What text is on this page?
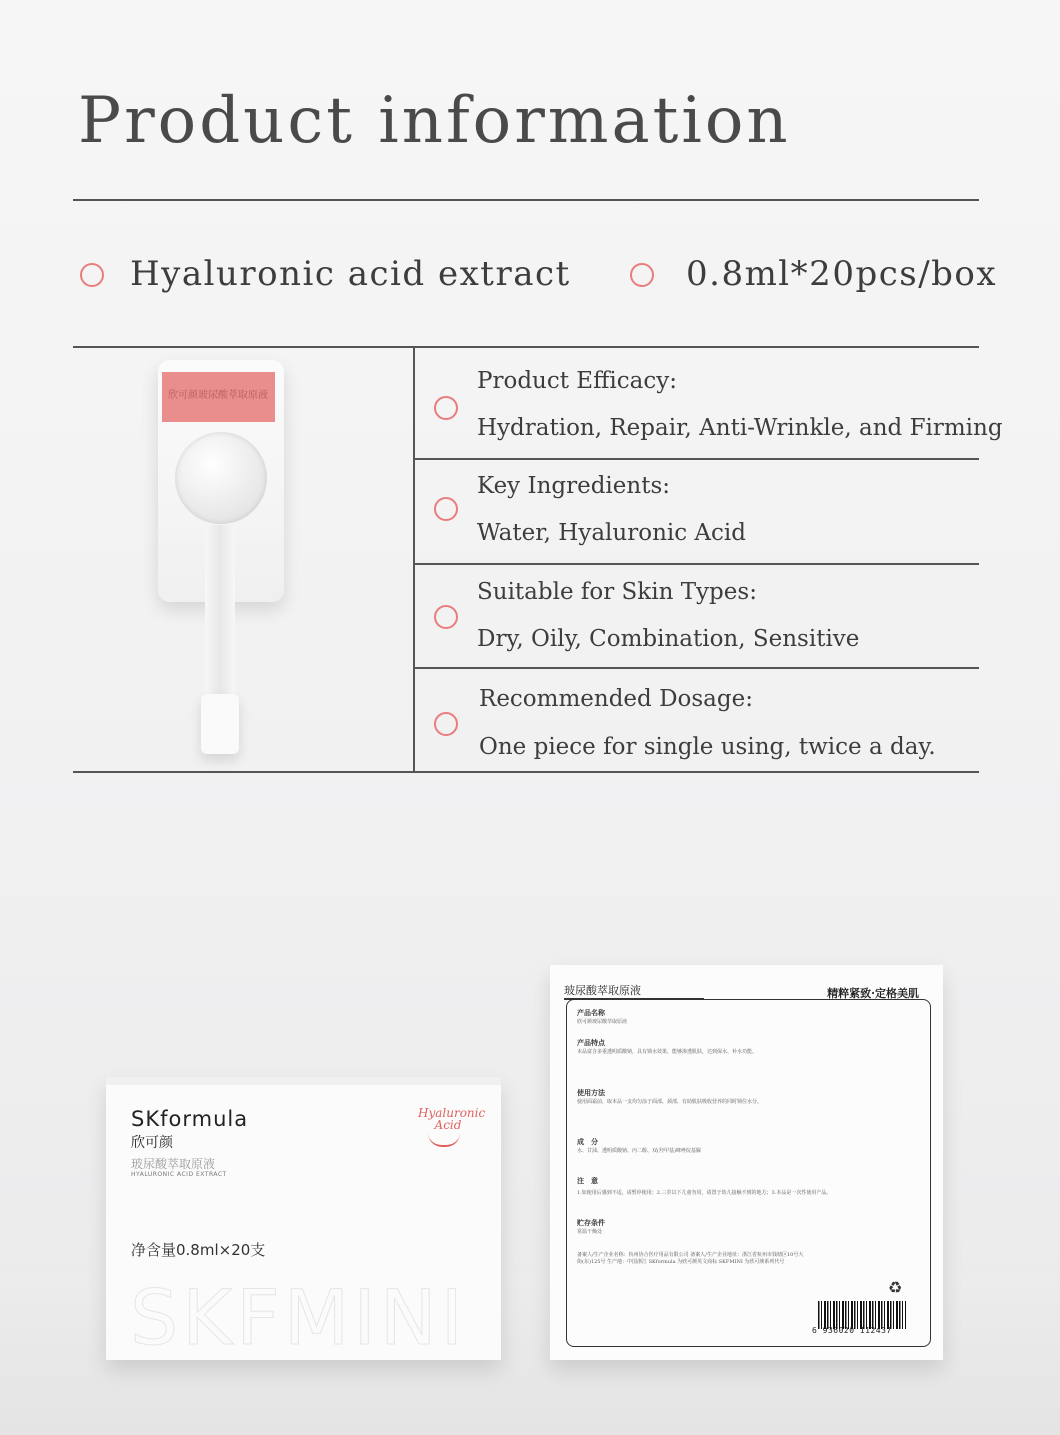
Product information
Hyaluronic acid extract	0.8ml*20pcs/box
欣可颜玻尿酸萃取原液
Product Efficacy:
Hydration, Repair, Anti-Wrinkle, and Firming
Key Ingredients:
Water, Hyaluronic Acid
Suitable for Skin Types:
Dry, Oily, Combination, Sensitive
Recommended Dosage:
One piece for single using, twice a day.
SKformula
欣可颜
玻尿酸萃取原液
HYALURONIC ACID EXTRACT
Hyaluronic Acid
净含量0.8ml×20支
SKFMINI
玻尿酸萃取原液	精粹紧致·定格美肌
产品名称
欣可颜玻尿酸萃取原液
产品特点
本品富含多重透明质酸钠，具有锁水效果，能够渗透肌肤，达到保水、补水功能。
使用方法
使用面霜前，取本品一支均匀涂于面部、颈部，有助肌肤吸收营养的同时锁住水分。
成　分
水、甘油、透明质酸钠、丙二醇、双(羟甲基)咪唑烷基脲
注　意
1.如使用后感到不适，请暂停使用；2.三岁以下儿童勿用，请置于幼儿接触不到的地方；3.本品是一次性使用产品。
贮存条件
常温干燥处
备案人/生产企业名称：杭州协合医疗用品有限公司 备案人/生产企业地址：浙江省杭州市钱塘区10号大街(东)125号 生产地：中国浙江 SKformula 为欣可颜英文商标 SKFMINI 为欣可颜系列代号
♻
6 936020 112437
